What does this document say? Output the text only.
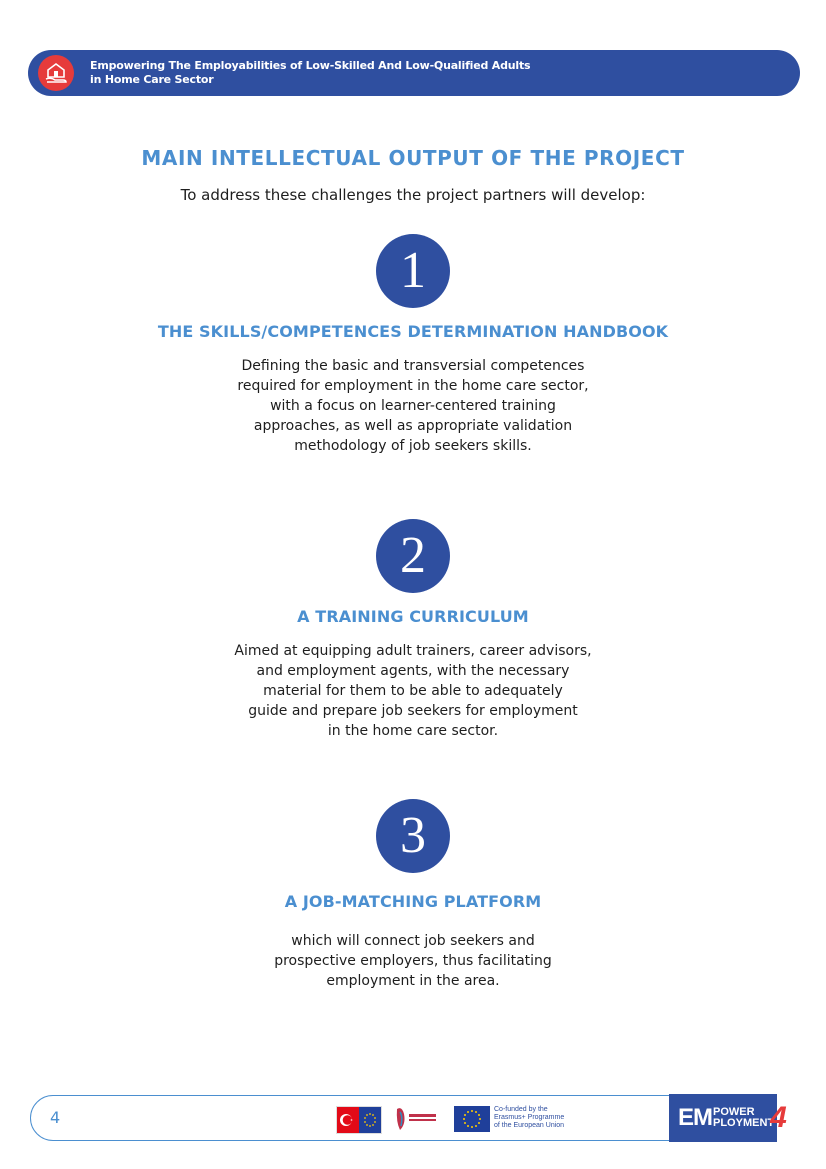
Empowering The Employabilities of Low-Skilled And Low-Qualified Adults
in Home Care Sector
MAIN INTELLECTUAL OUTPUT OF THE PROJECT
To address these challenges the project partners will develop:
1
THE SKILLS/COMPETENCES DETERMINATION HANDBOOK
Defining the basic and transversial competences
required for employment in the home care sector,
with a focus on learner-centered training
approaches, as well as appropriate validation
methodology of job seekers skills.
2
A TRAINING CURRICULUM
Aimed at equipping adult trainers, career advisors,
and employment agents, with the necessary
material for them to be able to adequately
guide and prepare job seekers for employment
in the home care sector.
3
A JOB-MATCHING PLATFORM
which will connect job seekers and
prospective employers, thus facilitating
employment in the area.
4	Co-funded by the
Erasmus+ Programme
of the European Union	EM POWER
PLOYMENT
4
